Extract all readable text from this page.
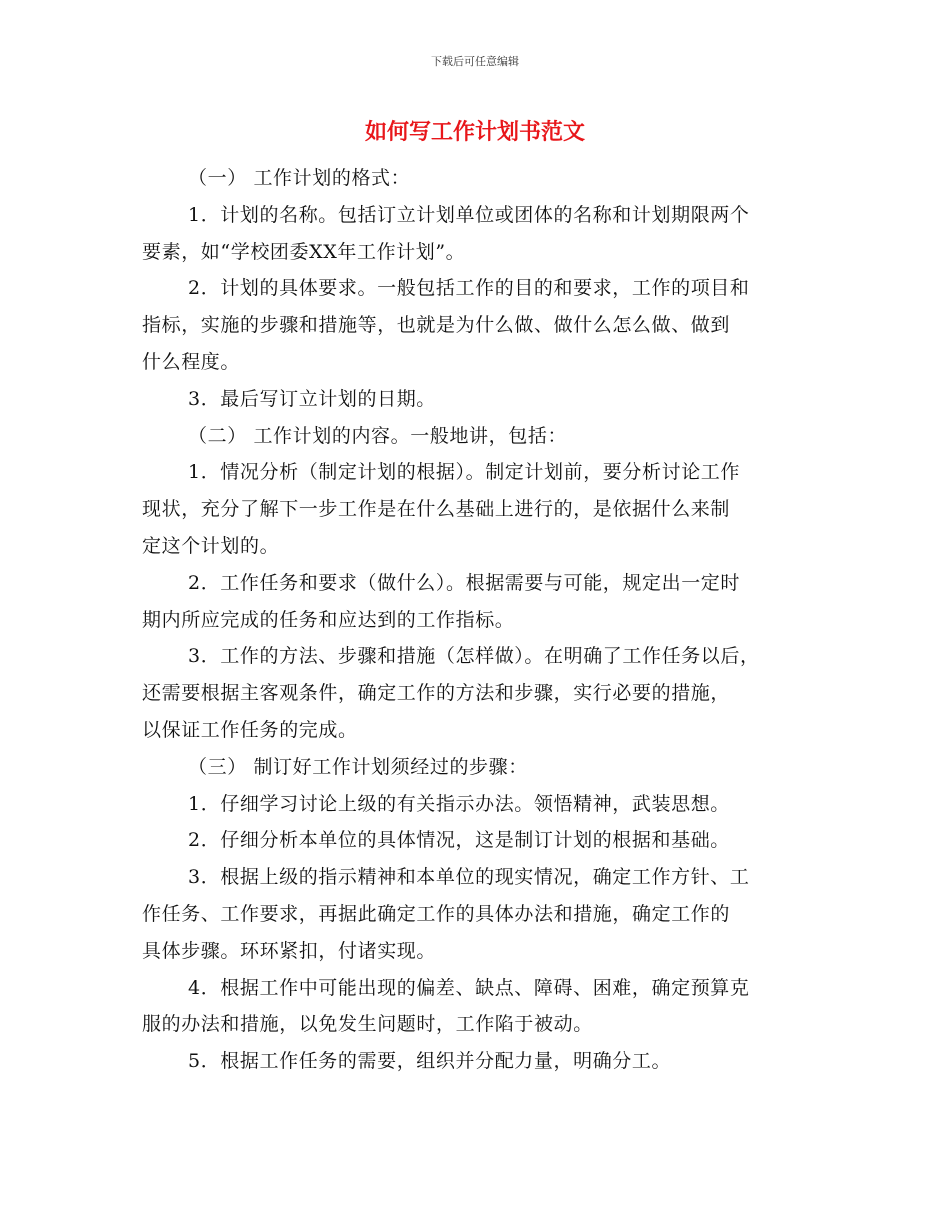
下载后可任意编辑
如何写工作计划书范文
（一） 工作计划的格式：
1．计划的名称。包括订立计划单位或团体的名称和计划期限两个
要素，如“学校团委XX年工作计划”。
2．计划的具体要求。一般包括工作的目的和要求，工作的项目和
指标，实施的步骤和措施等，也就是为什么做、做什么怎么做、做到
什么程度。
3．最后写订立计划的日期。
（二） 工作计划的内容。一般地讲，包括：
1．情况分析（制定计划的根据）。制定计划前，要分析讨论工作
现状，充分了解下一步工作是在什么基础上进行的，是依据什么来制
定这个计划的。
2．工作任务和要求（做什么）。根据需要与可能，规定出一定时
期内所应完成的任务和应达到的工作指标。
3．工作的方法、步骤和措施（怎样做）。在明确了工作任务以后，
还需要根据主客观条件，确定工作的方法和步骤，实行必要的措施，
以保证工作任务的完成。
（三） 制订好工作计划须经过的步骤：
1．仔细学习讨论上级的有关指示办法。领悟精神，武装思想。
2．仔细分析本单位的具体情况，这是制订计划的根据和基础。
3．根据上级的指示精神和本单位的现实情况，确定工作方针、工
作任务、工作要求，再据此确定工作的具体办法和措施，确定工作的
具体步骤。环环紧扣，付诸实现。
4．根据工作中可能出现的偏差、缺点、障碍、困难，确定预算克
服的办法和措施，以免发生问题时，工作陷于被动。
5．根据工作任务的需要，组织并分配力量，明确分工。
